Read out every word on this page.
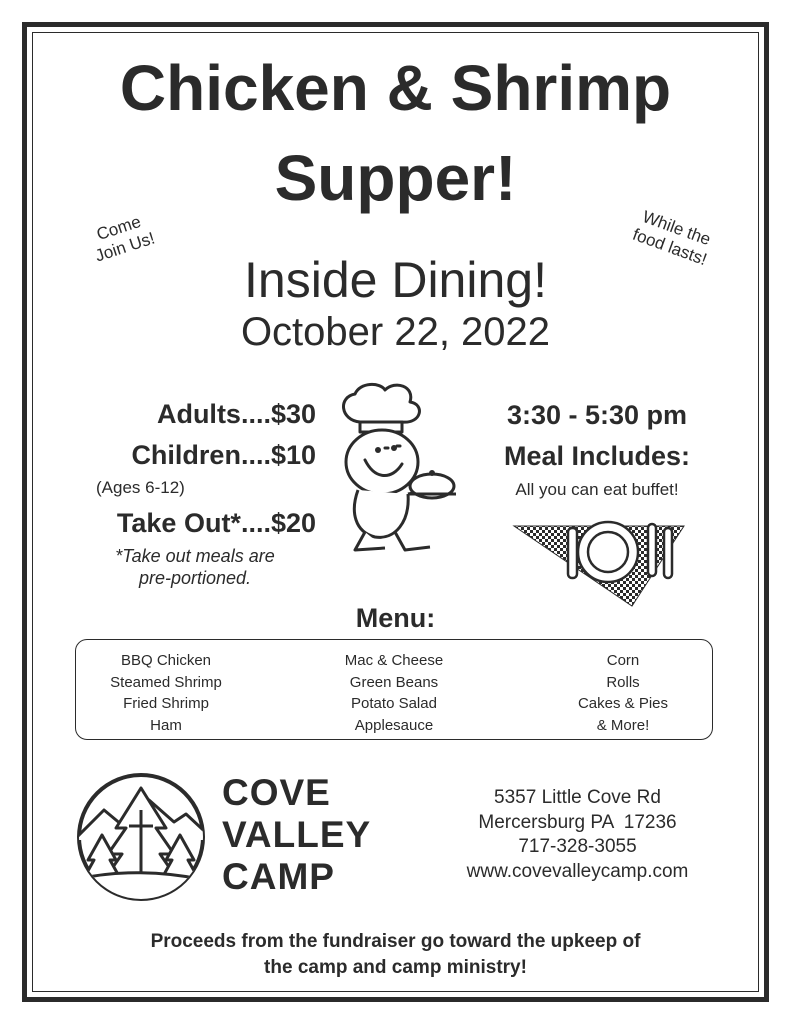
Chicken & Shrimp
Supper!
Come
Join Us!	While the
food lasts!
Inside Dining!
October 22, 2022
Adults....$30
Children....$10
(Ages 6-12)
Take Out*....$20
*Take out meals are pre-portioned.
3:30 - 5:30 pm
Meal Includes:
All you can eat buffet!
Menu:
BBQ Chicken
Steamed Shrimp
Fried Shrimp
Ham
Mac & Cheese
Green Beans
Potato Salad
Applesauce
Corn
Rolls
Cakes & Pies
& More!
COVE
VALLEY
CAMP
5357 Little Cove Rd
Mercersburg PA  17236
717-328-3055
www.covevalleycamp.com
Proceeds from the fundraiser go toward the upkeep of
the camp and camp ministry!
